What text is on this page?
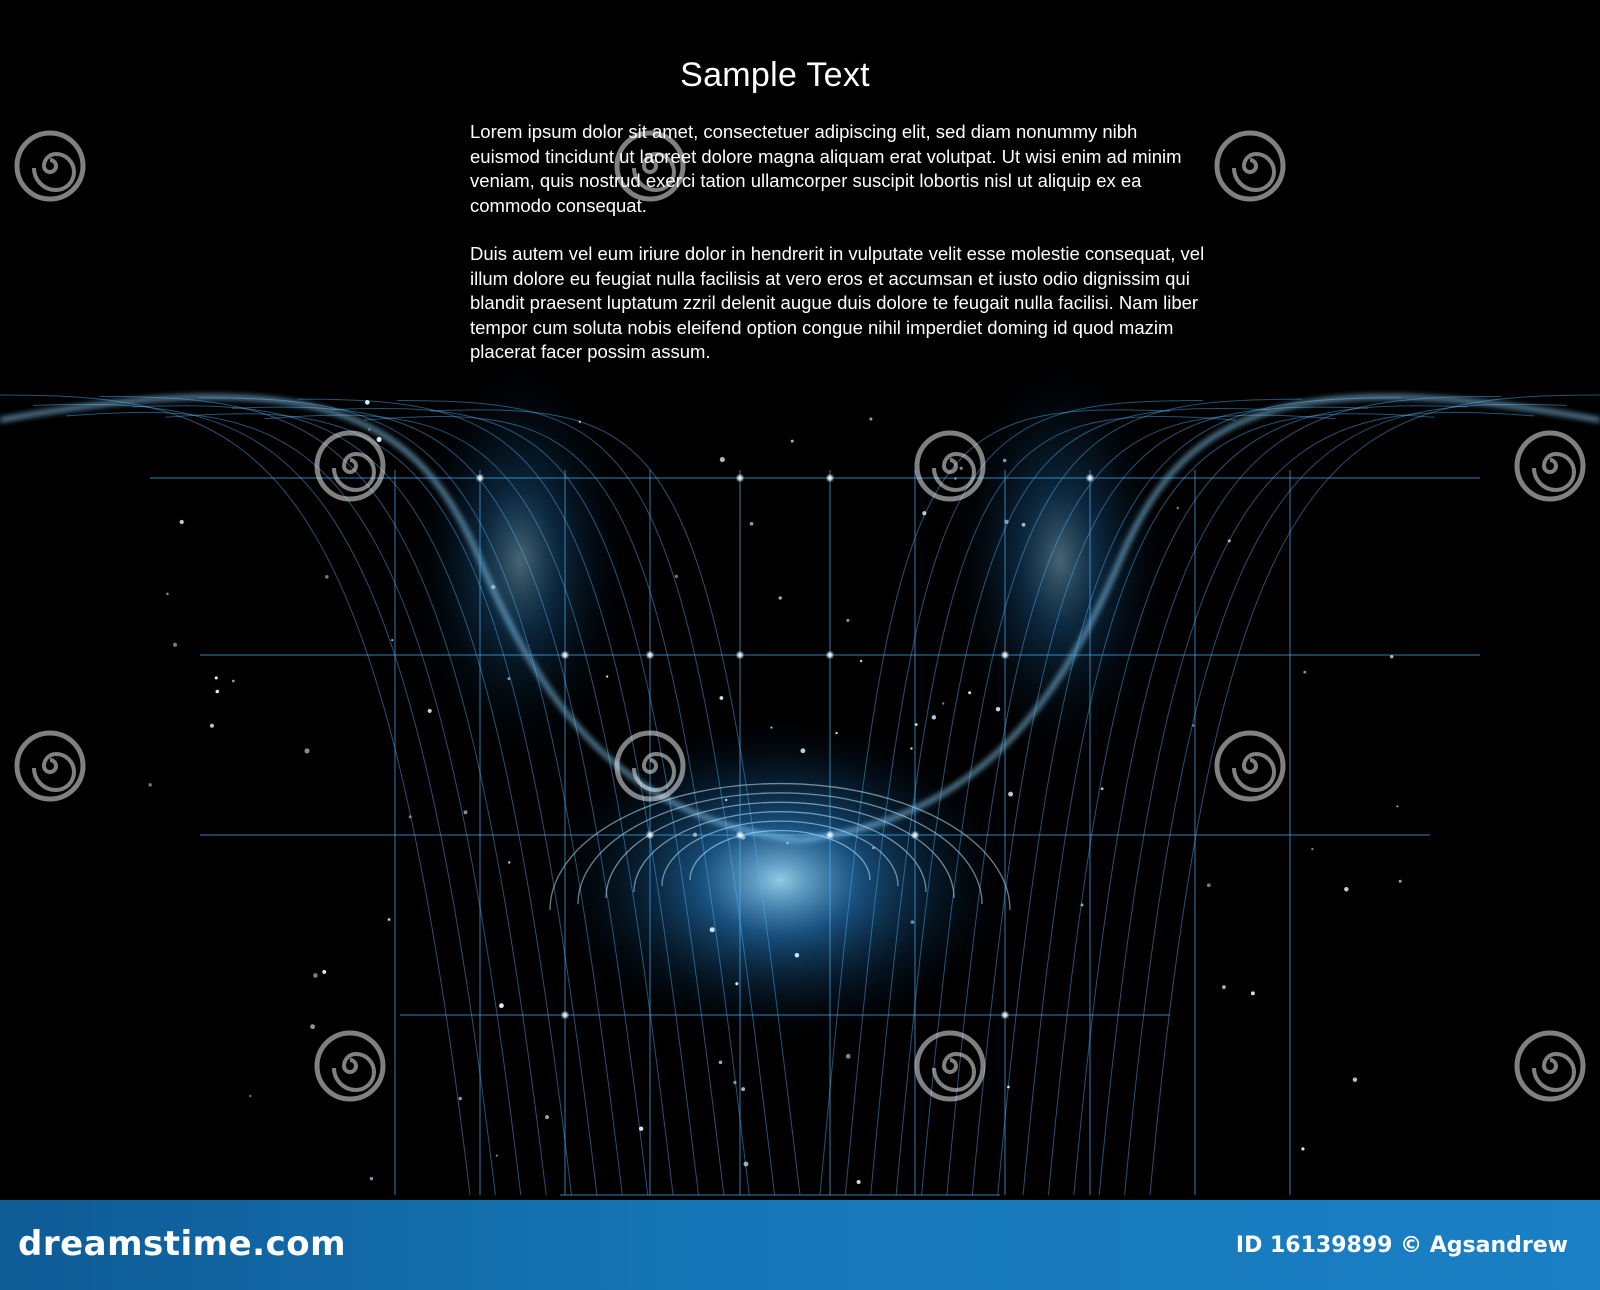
Sample Text

Lorem ipsum dolor sit amet, consectetuer adipiscing elit, sed diam nonummy nibh euismod tincidunt ut laoreet dolore magna aliquam erat volutpat. Ut wisi enim ad minim veniam, quis nostrud exerci tation ullamcorper suscipit lobortis nisl ut aliquip ex ea commodo consequat.

Duis autem vel eum iriure dolor in hendrerit in vulputate velit esse molestie consequat, vel illum dolore eu feugiat nulla facilisis at vero eros et accumsan et iusto odio dignissim qui blandit praesent luptatum zzril delenit augue duis dolore te feugait nulla facilisi. Nam liber tempor cum soluta nobis eleifend option congue nihil imperdiet doming id quod mazim placerat facer possim assum.

dreamstime.com	ID 16139899 © Agsandrew
